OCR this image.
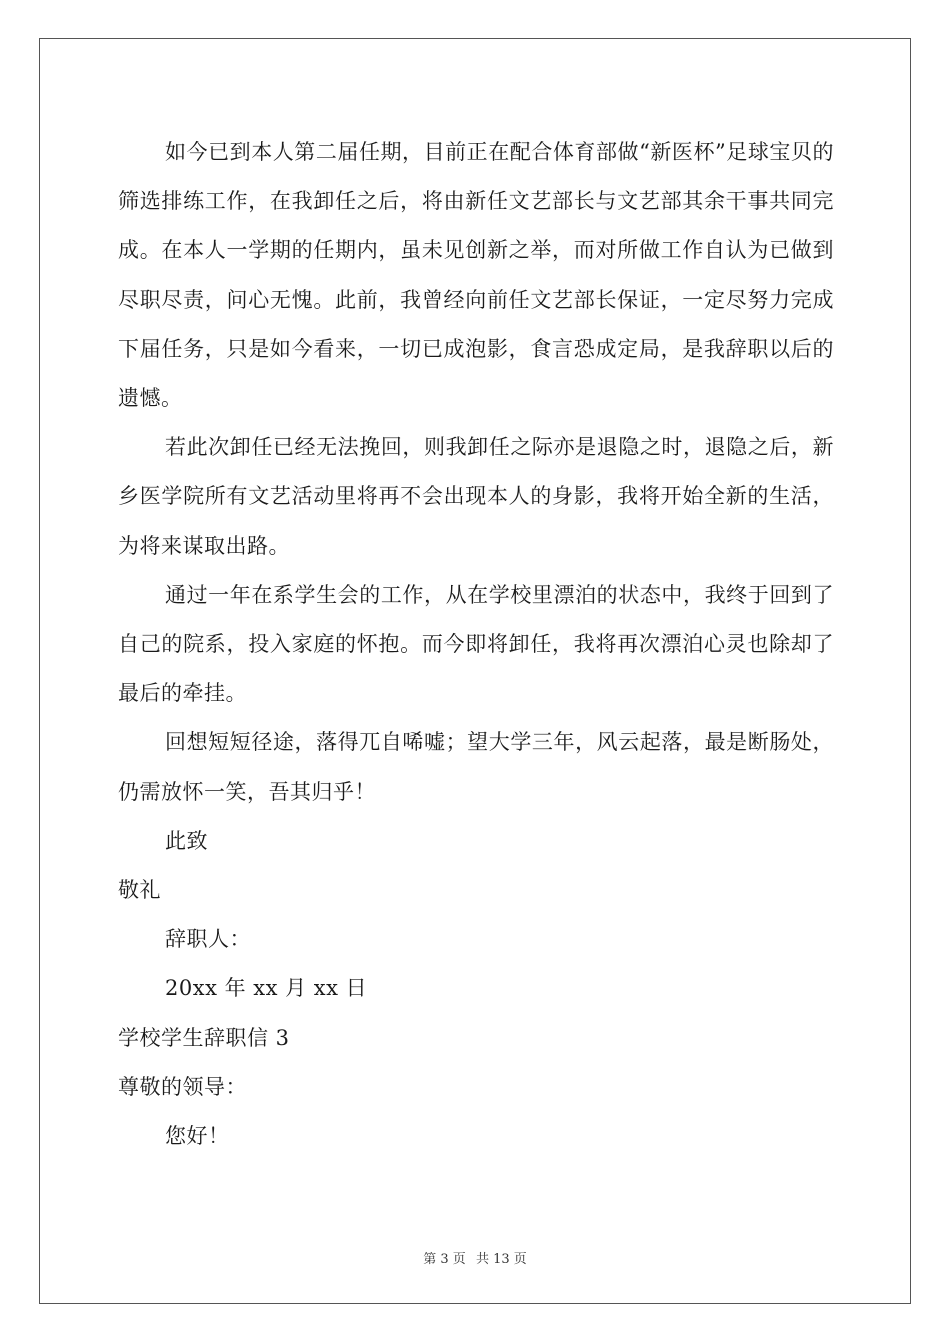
如今已到本人第二届任期，目前正在配合体育部做“新医杯”足球宝贝的筛选排练工作，在我卸任之后，将由新任文艺部长与文艺部其余干事共同完成。在本人一学期的任期内，虽未见创新之举，而对所做工作自认为已做到尽职尽责，问心无愧。此前，我曾经向前任文艺部长保证，一定尽努力完成下届任务，只是如今看来，一切已成泡影，食言恐成定局，是我辞职以后的遗憾。

若此次卸任已经无法挽回，则我卸任之际亦是退隐之时，退隐之后，新乡医学院所有文艺活动里将再不会出现本人的身影，我将开始全新的生活，为将来谋取出路。

通过一年在系学生会的工作，从在学校里漂泊的状态中，我终于回到了自己的院系，投入家庭的怀抱。而今即将卸任，我将再次漂泊心灵也除却了最后的牵挂。

回想短短径途，落得兀自唏嘘；望大学三年，风云起落，最是断肠处，仍需放怀一笑，吾其归乎！

此致

敬礼

辞职人：

20xx 年 xx 月 xx 日

学校学生辞职信 3

尊敬的领导：

您好！

第 3 页 共 13 页
